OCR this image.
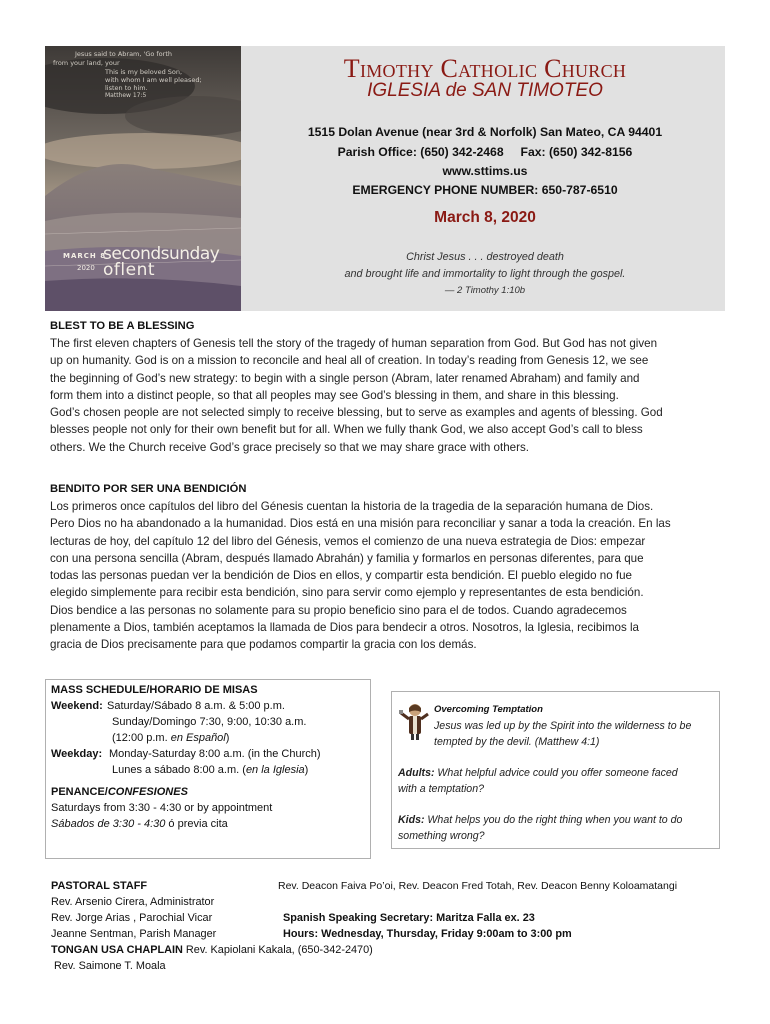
Jesus said to Abram, 'Go forth
from your land, your
This is my beloved Son,
with whom I am well pleased;
listen to him.
Matthew 17:5
MARCH 8
2020
secondsunday
oflent
Timothy Catholic Church
IGLESIA de SAN TIMOTEO
1515 Dolan Avenue (near 3rd & Norfolk) San Mateo, CA 94401
Parish Office: (650) 342-2468     Fax: (650) 342-8156
www.sttims.us
EMERGENCY PHONE NUMBER: 650-787-6510
March 8, 2020
Christ Jesus . . . destroyed death
and brought life and immortality to light through the gospel.
— 2 Timothy 1:10b
BLEST TO BE A BLESSING
The first eleven chapters of Genesis tell the story of the tragedy of human separation from God. But God has not given
up on humanity. God is on a mission to reconcile and heal all of creation. In today’s reading from Genesis 12, we see
the beginning of God’s new strategy: to begin with a single person (Abram, later renamed Abraham) and family and
form them into a distinct people, so that all peoples may see God’s blessing in them, and share in this blessing.
God’s chosen people are not selected simply to receive blessing, but to serve as examples and agents of blessing. God
blesses people not only for their own benefit but for all. When we fully thank God, we also accept God’s call to bless
others. We the Church receive God’s grace precisely so that we may share grace with others.
BENDITO POR SER UNA BENDICIÓN
Los primeros once capítulos del libro del Génesis cuentan la historia de la tragedia de la separación humana de Dios.
Pero Dios no ha abandonado a la humanidad. Dios está en una misión para reconciliar y sanar a toda la creación. En las
lecturas de hoy, del capítulo 12 del libro del Génesis, vemos el comienzo de una nueva estrategia de Dios: empezar
con una persona sencilla (Abram, después llamado Abrahán) y familia y formarlos en personas diferentes, para que
todas las personas puedan ver la bendición de Dios en ellos, y compartir esta bendición. El pueblo elegido no fue
elegido simplemente para recibir esta bendición, sino para servir como ejemplo y representantes de esta bendición.
Dios bendice a las personas no solamente para su propio beneficio sino para el de todos. Cuando agradecemos
plenamente a Dios, también aceptamos la llamada de Dios para bendecir a otros. Nosotros, la Iglesia, recibimos la
gracia de Dios precisamente para que podamos compartir la gracia con los demás.
MASS SCHEDULE/HORARIO DE MISAS
Weekend: Saturday/Sábado 8 a.m. & 5:00 p.m.
Sunday/Domingo 7:30, 9:00, 10:30 a.m.
(12:00 p.m. en Español)
Weekday: Monday-Saturday 8:00 a.m. (in the Church)
Lunes a sábado 8:00 a.m. (en la Iglesia)
PENANCE/CONFESIONES
Saturdays from 3:30 - 4:30 or by appointment
Sábados de 3:30 - 4:30 ó previa cita
Overcoming Temptation
Jesus was led up by the Spirit into the wilderness to be
tempted by the devil. (Matthew 4:1)
Adults: What helpful advice could you offer someone faced
with a temptation?
Kids: What helps you do the right thing when you want to do
something wrong?
PASTORAL STAFF	Rev. Deacon Faiva Po’oi, Rev. Deacon Fred Totah, Rev. Deacon Benny Koloamatangi
Rev. Arsenio Cirera, Administrator
Rev. Jorge Arias , Parochial Vicar	Spanish Speaking Secretary: Maritza Falla ex. 23
Jeanne Sentman, Parish Manager	Hours: Wednesday, Thursday, Friday 9:00am to 3:00 pm
TONGAN USA CHAPLAIN Rev. Kapiolani Kakala, (650-342-2470)
Rev. Saimone T. Moala
